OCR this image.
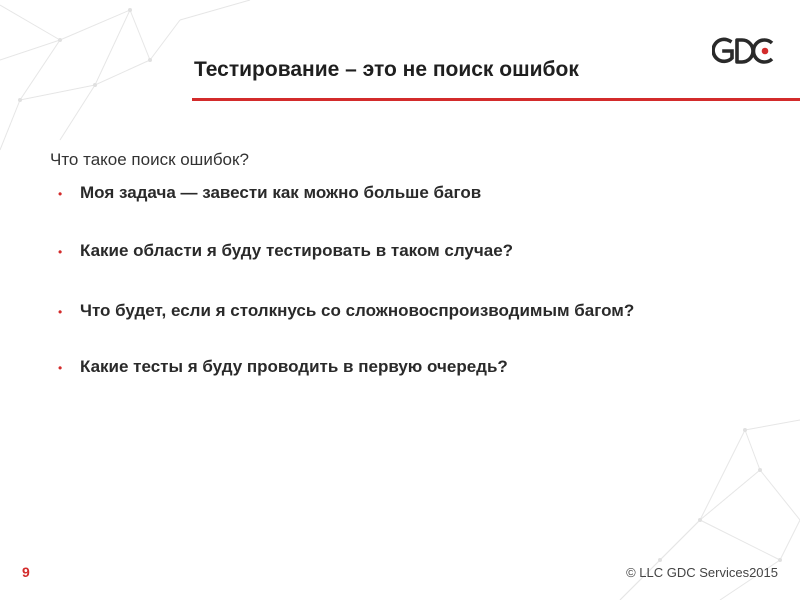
Тестирование – это не поиск ошибок
Что такое поиск ошибок?
• Моя задача — завести как можно больше багов
• Какие области я буду тестировать в таком случае?
• Что будет, если я столкнусь со сложновоспроизводимым багом?
• Какие тесты я буду проводить в первую очередь?
9	© LLC GDC Services2015
